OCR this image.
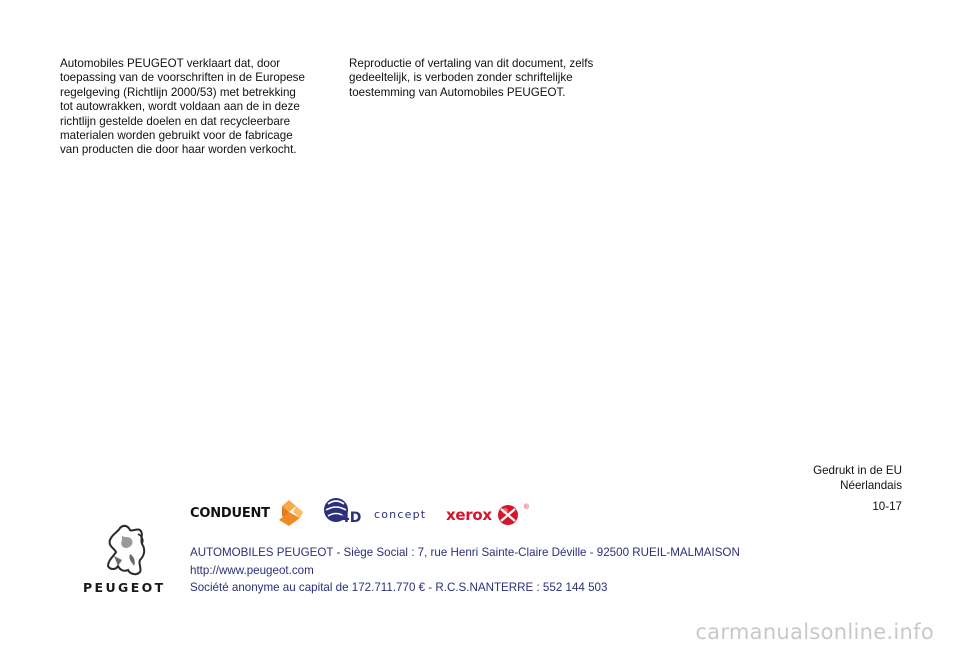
Automobiles PEUGEOT verklaart dat, door
toepassing van de voorschriften in de Europese
regelgeving (Richtlijn 2000/53) met betrekking
tot autowrakken, wordt voldaan aan de in deze
richtlijn gestelde doelen en dat recycleerbare
materialen worden gebruikt voor de fabricage
van producten die door haar worden verkocht.
Reproductie of vertaling van dit document, zelfs
gedeeltelijk, is verboden zonder schriftelijke
toestemming van Automobiles PEUGEOT.
Gedrukt in de EU
Néerlandais
10-17
CONDUENT	4D concept xerox	®
PEUGEOT
AUTOMOBILES PEUGEOT - Siège Social : 7, rue Henri Sainte-Claire Déville - 92500 RUEIL-MALMAISON
http://www.peugeot.com
Société anonyme au capital de 172.711.770 € - R.C.S.NANTERRE : 552 144 503
carmanualsonline.info
